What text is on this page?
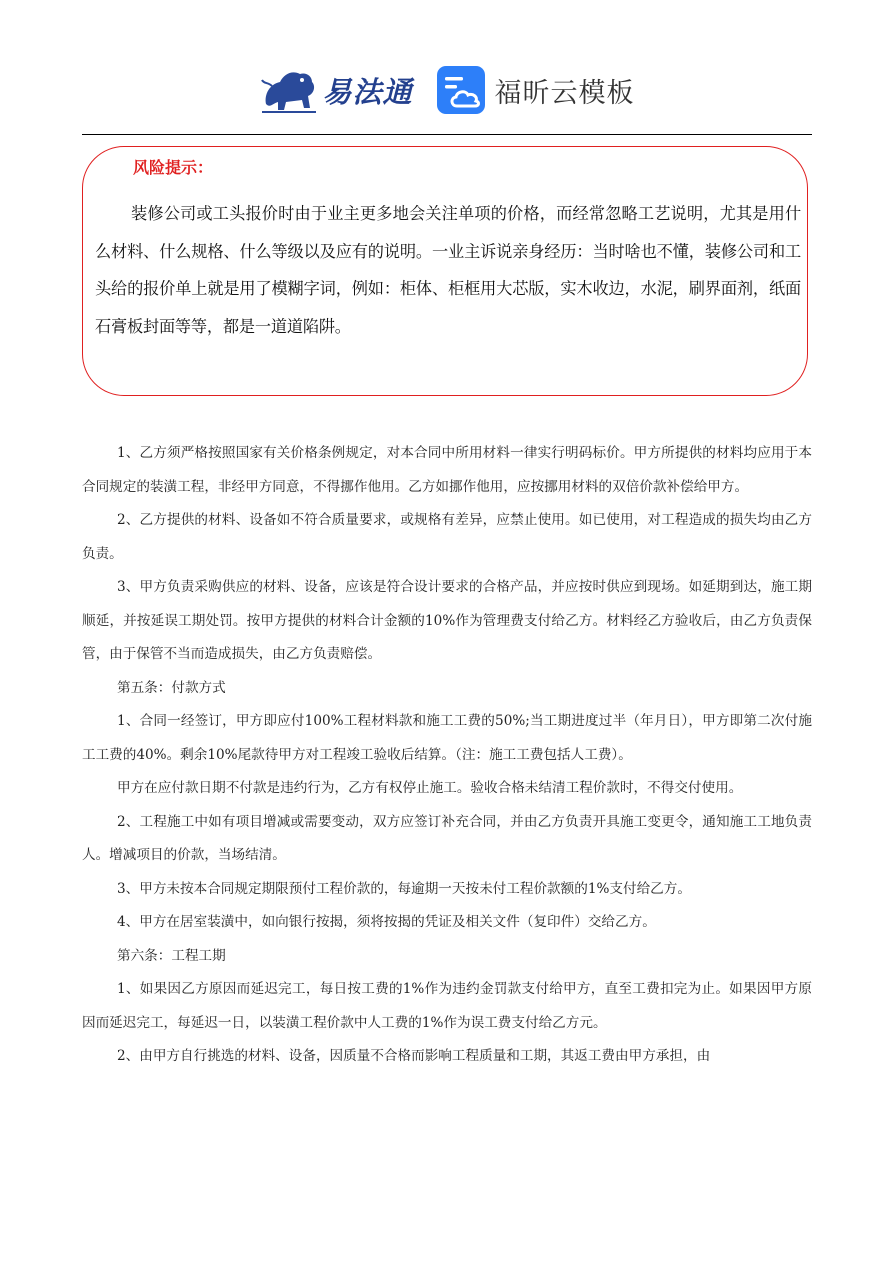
易法通	福昕云模板
风险提示：
装修公司或工头报价时由于业主更多地会关注单项的价格，而经常忽略工艺说明，尤其是用什么材料、什么规格、什么等级以及应有的说明。一业主诉说亲身经历：当时啥也不懂，装修公司和工头给的报价单上就是用了模糊字词，例如：柜体、柜框用大芯版，实木收边，水泥，刷界面剂，纸面石膏板封面等等，都是一道道陷阱。

1、乙方须严格按照国家有关价格条例规定，对本合同中所用材料一律实行明码标价。甲方所提供的材料均应用于本合同规定的装潢工程，非经甲方同意，不得挪作他用。乙方如挪作他用，应按挪用材料的双倍价款补偿给甲方。

2、乙方提供的材料、设备如不符合质量要求，或规格有差异，应禁止使用。如已使用，对工程造成的损失均由乙方负责。

3、甲方负责采购供应的材料、设备，应该是符合设计要求的合格产品，并应按时供应到现场。如延期到达，施工期顺延，并按延误工期处罚。按甲方提供的材料合计金额的10%作为管理费支付给乙方。材料经乙方验收后，由乙方负责保管，由于保管不当而造成损失，由乙方负责赔偿。

第五条：付款方式

1、合同一经签订，甲方即应付100%工程材料款和施工工费的50%;当工期进度过半（年月日），甲方即第二次付施工工费的40%。剩余10%尾款待甲方对工程竣工验收后结算。（注：施工工费包括人工费）。

甲方在应付款日期不付款是违约行为，乙方有权停止施工。验收合格未结清工程价款时，不得交付使用。

2、工程施工中如有项目增减或需要变动，双方应签订补充合同，并由乙方负责开具施工变更令，通知施工工地负责人。增减项目的价款，当场结清。

3、甲方未按本合同规定期限预付工程价款的，每逾期一天按未付工程价款额的1%支付给乙方。

4、甲方在居室装潢中，如向银行按揭，须将按揭的凭证及相关文件（复印件）交给乙方。

第六条：工程工期

1、如果因乙方原因而延迟完工，每日按工费的1%作为违约金罚款支付给甲方，直至工费扣完为止。如果因甲方原因而延迟完工，每延迟一日，以装潢工程价款中人工费的1%作为误工费支付给乙方元。

2、由甲方自行挑选的材料、设备，因质量不合格而影响工程质量和工期，其返工费由甲方承担，由
